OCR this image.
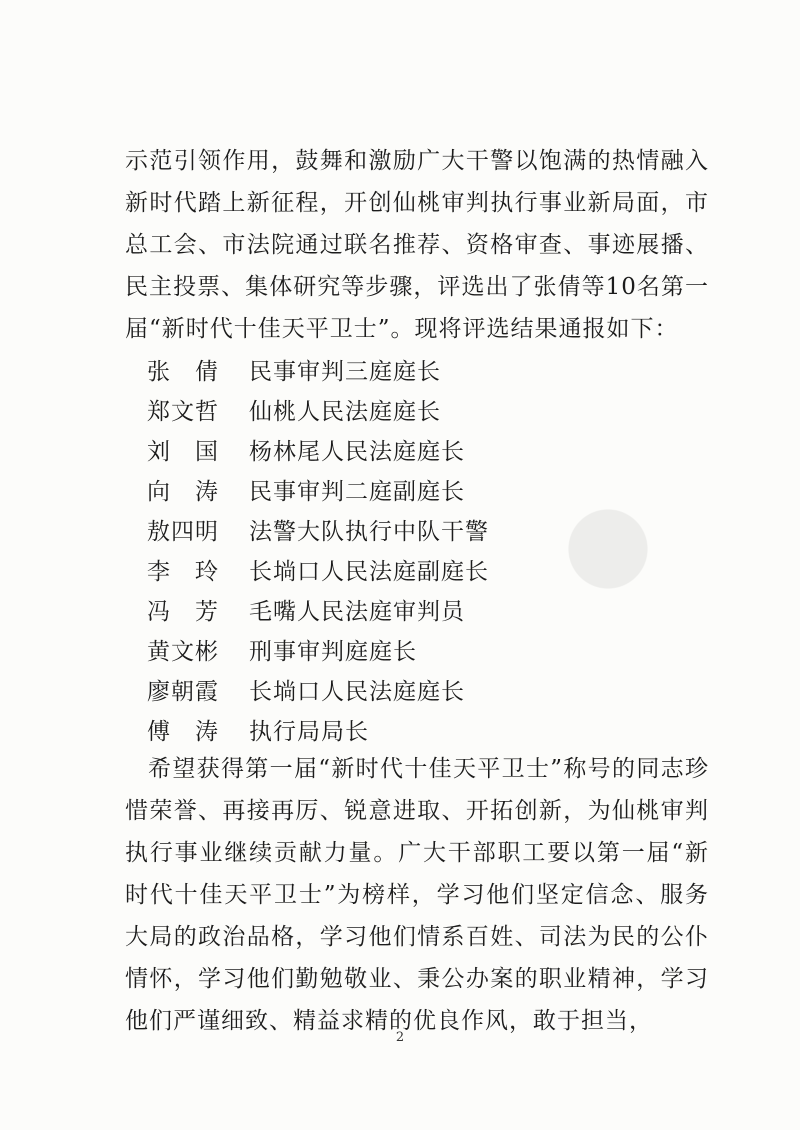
示范引领作用，鼓舞和激励广大干警以饱满的热情融入新时代踏上新征程，开创仙桃审判执行事业新局面，市总工会、市法院通过联名推荐、资格审查、事迹展播、民主投票、集体研究等步骤，评选出了张倩等10名第一届“新时代十佳天平卫士”。现将评选结果通报如下：

张　倩	民事审判三庭庭长
郑文哲	仙桃人民法庭庭长
刘　国	杨林尾人民法庭庭长
向　涛	民事审判二庭副庭长
敖四明	法警大队执行中队干警
李　玲	长埫口人民法庭副庭长
冯　芳	毛嘴人民法庭审判员
黄文彬	刑事审判庭庭长
廖朝霞	长埫口人民法庭庭长
傅　涛	执行局局长

希望获得第一届“新时代十佳天平卫士”称号的同志珍惜荣誉、再接再厉、锐意进取、开拓创新，为仙桃审判执行事业继续贡献力量。广大干部职工要以第一届“新时代十佳天平卫士”为榜样，学习他们坚定信念、服务大局的政治品格，学习他们情系百姓、司法为民的公仆情怀，学习他们勤勉敬业、秉公办案的职业精神，学习他们严谨细致、精益求精的优良作风，敢于担当，

2
